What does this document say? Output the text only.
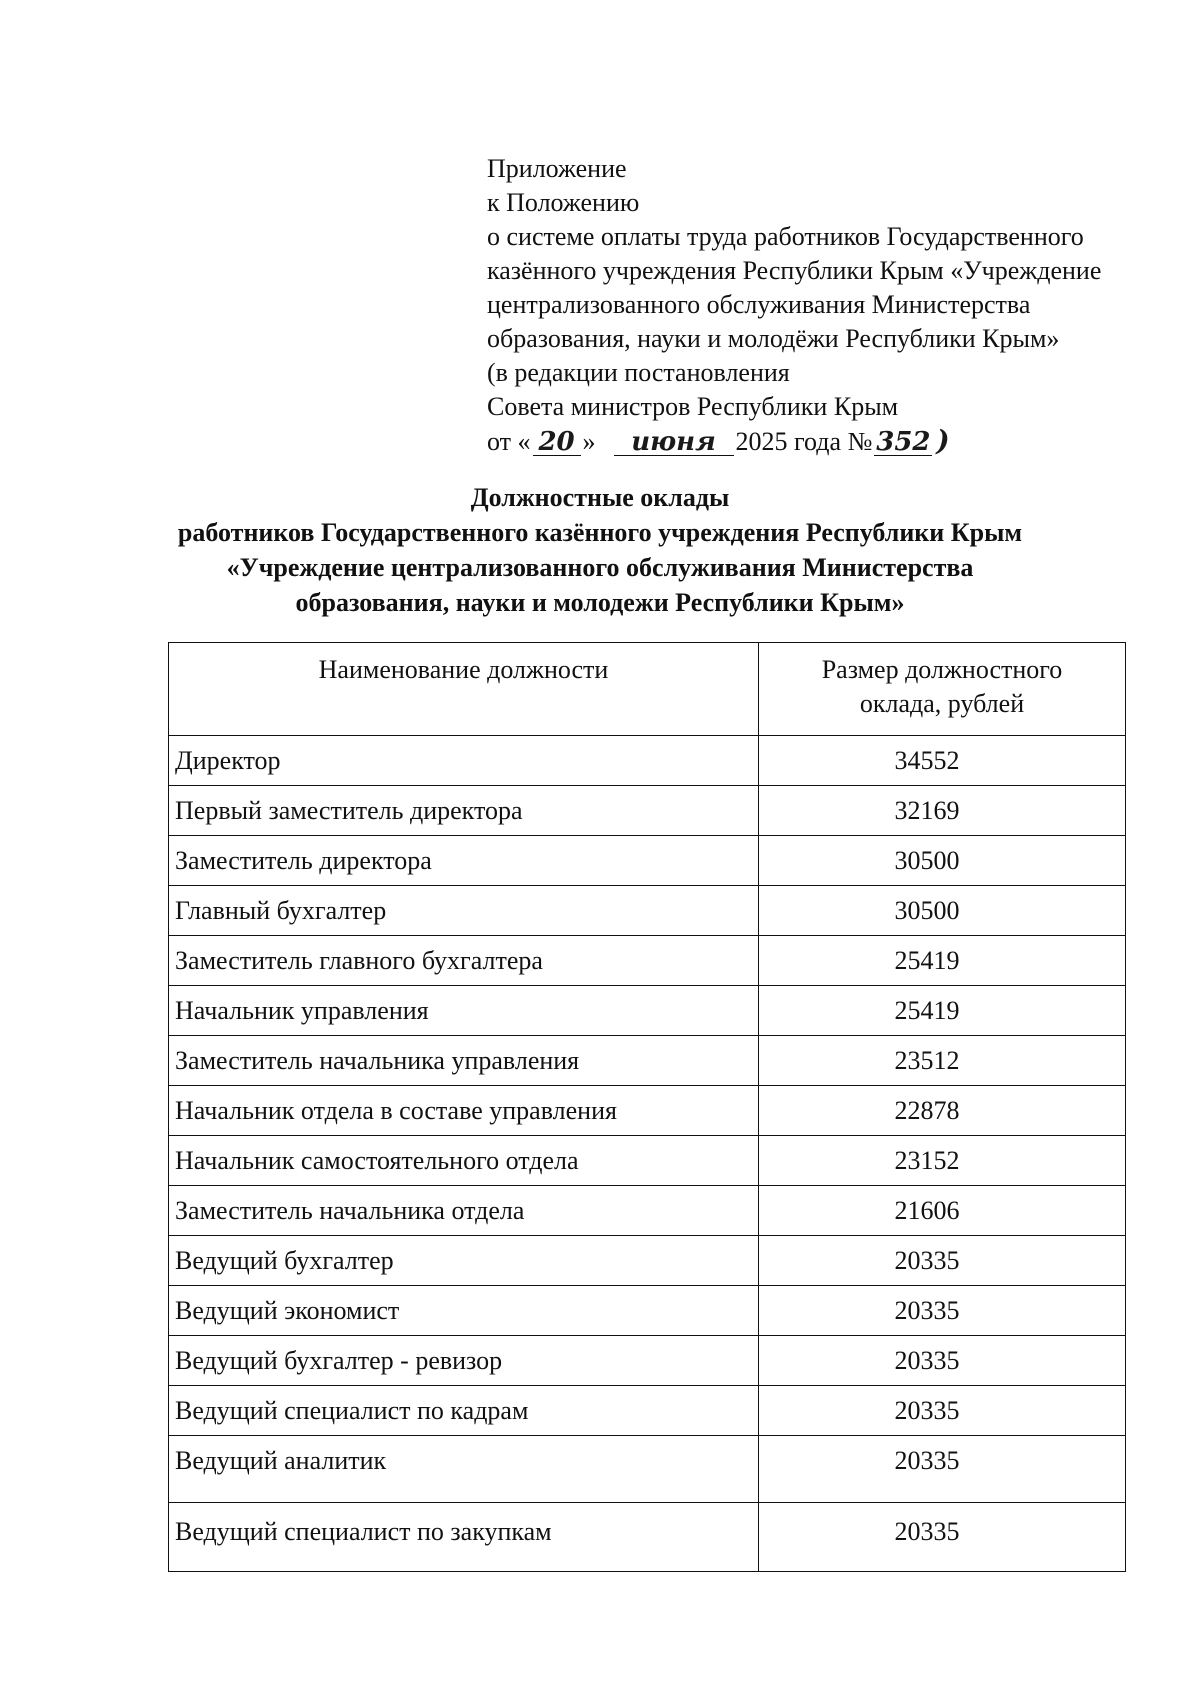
Приложение
к Положению
о системе оплаты труда работников Государственного
казённого учреждения Республики Крым «Учреждение
централизованного обслуживания Министерства
образования, науки и молодёжи Республики Крым»
(в редакции постановления
Совета министров Республики Крым
от « 20 »	июня 2025 года № 352 )
Должностные оклады
работников Государственного казённого учреждения Республики Крым
«Учреждение централизованного обслуживания Министерства
образования, науки и молодежи Республики Крым»
Наименование должности	Размер должностного
оклада, рублей

Директор	34552
Первый заместитель директора	32169
Заместитель директора	30500
Главный бухгалтер	30500
Заместитель главного бухгалтера	25419
Начальник управления	25419
Заместитель начальника управления	23512
Начальник отдела в составе управления	22878
Начальник самостоятельного отдела	23152
Заместитель начальника отдела	21606
Ведущий бухгалтер	20335
Ведущий экономист	20335
Ведущий бухгалтер - ревизор	20335
Ведущий специалист по кадрам	20335
Ведущий аналитик	20335
Ведущий специалист по закупкам	20335
